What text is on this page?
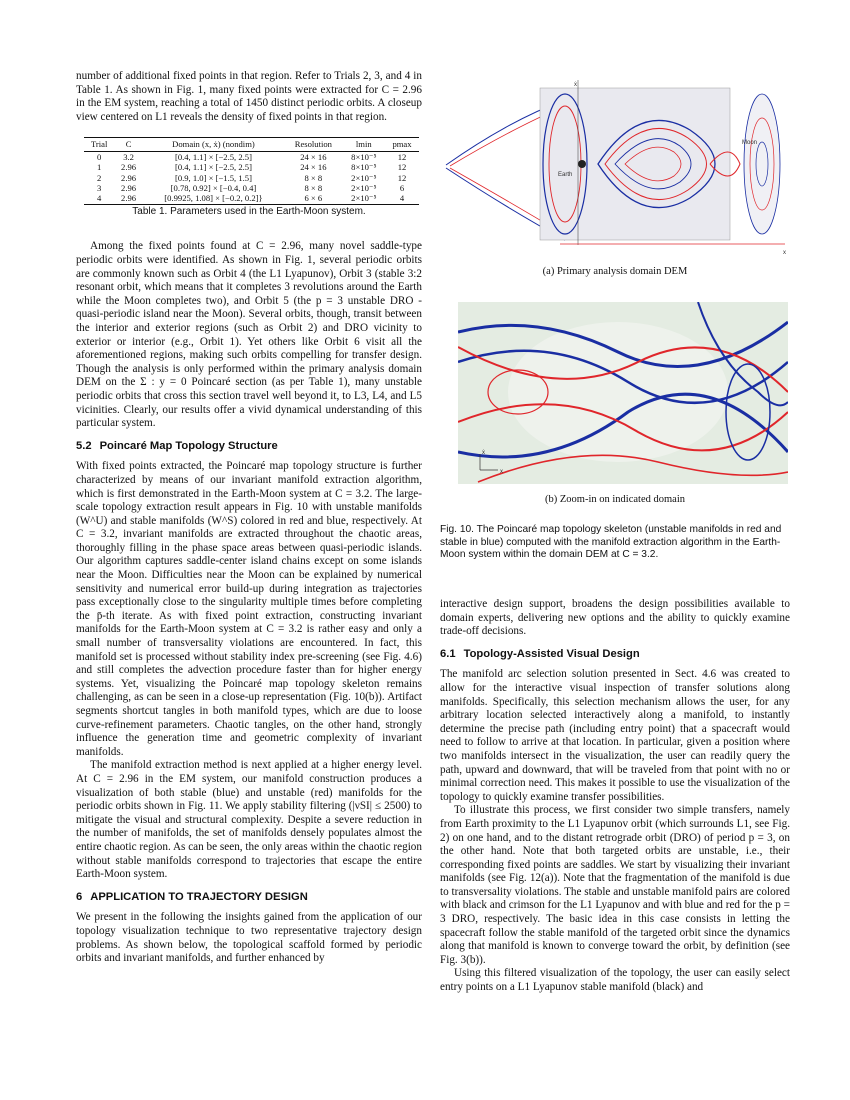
number of additional fixed points in that region. Refer to Trials 2, 3, and 4 in Table 1. As shown in Fig. 1, many fixed points were extracted for C = 2.96 in the EM system, reaching a total of 1450 distinct periodic orbits. A closeup view centered on L1 reveals the density of fixed points in that region.

Trial	C	Domain (x, ẋ) (nondim)	Resolution	lmin	pmax
0	3.2	[0.4, 1.1] × [−2.5, 2.5]	24 × 16	8×10⁻⁵	12
1	2.96	[0.4, 1.1] × [−2.5, 2.5]	24 × 16	8×10⁻⁵	12
2	2.96	[0.9, 1.0] × [−1.5, 1.5]	8 × 8	2×10⁻⁵	12
3	2.96	[0.78, 0.92] × [−0.4, 0.4]	8 × 8	2×10⁻⁵	6
4	2.96	[0.9925, 1.08] × [−0.2, 0.2]}	6 × 6	2×10⁻⁵	4
Table 1. Parameters used in the Earth-Moon system.

Among the fixed points found at C = 2.96, many novel saddle-type periodic orbits were identified. As shown in Fig. 1, several periodic orbits are commonly known such as Orbit 4 (the L1 Lyapunov), Orbit 3 (stable 3:2 resonant orbit, which means that it completes 3 revolutions around the Earth while the Moon completes two), and Orbit 5 (the p = 3 unstable DRO - quasi-periodic island near the Moon). Several orbits, though, transit between the interior and exterior regions (such as Orbit 2) and DRO vicinity to exterior or interior (e.g., Orbit 1). Yet others like Orbit 6 visit all the aforementioned regions, making such orbits compelling for transfer design. Though the analysis is only performed within the primary analysis domain DEM on the Σ : y = 0 Poincaré section (as per Table 1), many unstable periodic orbits that cross this section travel well beyond it, to L3, L4, and L5 vicinities. Clearly, our results offer a vivid dynamical understanding of this particular system.

5.2 Poincaré Map Topology Structure

With fixed points extracted, the Poincaré map topology structure is further characterized by means of our invariant manifold extraction algorithm, which is first demonstrated in the Earth-Moon system at C = 3.2. The large-scale topology extraction result appears in Fig. 10 with unstable manifolds (W^U) and stable manifolds (W^S) colored in red and blue, respectively. At C = 3.2, invariant manifolds are extracted throughout the chaotic areas, thoroughly filling in the phase space areas between quasi-periodic islands. Our algorithm captures saddle-center island chains except on some islands near the Moon. Difficulties near the Moon can be explained by numerical sensitivity and numerical error build-up during integration as trajectories pass exceptionally close to the singularity multiple times before completing the p̄-th iterate. As with fixed point extraction, constructing invariant manifolds for the Earth-Moon system at C = 3.2 is rather easy and only a small number of transversality violations are encountered. In fact, this manifold set is processed without stability index pre-screening (see Fig. 4.6) and still completes the advection procedure faster than for higher energy systems. Yet, visualizing the Poincaré map topology skeleton remains challenging, as can be seen in a close-up representation (Fig. 10(b)). Artifact segments shortcut tangles in both manifold types, which are due to loose curve-refinement parameters. Chaotic tangles, on the other hand, strongly influence the generation time and geometric complexity of invariant manifolds.

The manifold extraction method is next applied at a higher energy level. At C = 2.96 in the EM system, our manifold construction produces a visualization of both stable (blue) and unstable (red) manifolds for the periodic orbits shown in Fig. 11. We apply stability filtering (|νSI| ≤ 2500) to mitigate the visual and structural complexity. Despite a severe reduction in the number of manifolds, the set of manifolds densely populates almost the entire chaotic region. As can be seen, the only areas within the chaotic region without stable manifolds correspond to trajectories that escape the entire Earth-Moon system.

6 APPLICATION TO TRAJECTORY DESIGN

We present in the following the insights gained from the application of our topology visualization technique to two representative trajectory design problems. As shown below, the topological scaffold formed by periodic orbits and invariant manifolds, and further enhanced by

Earth
ẋ
x
Moon
(a) Primary analysis domain DEM
x
ẋ
(b) Zoom-in on indicated domain
Fig. 10. The Poincaré map topology skeleton (unstable manifolds in red and stable in blue) computed with the manifold extraction algorithm in the Earth-Moon system within the domain DEM at C = 3.2.

interactive design support, broadens the design possibilities available to domain experts, delivering new options and the ability to quickly examine trade-off decisions.

6.1 Topology-Assisted Visual Design

The manifold arc selection solution presented in Sect. 4.6 was created to allow for the interactive visual inspection of transfer solutions along manifolds. Specifically, this selection mechanism allows the user, for any arbitrary location selected interactively along a manifold, to instantly determine the precise path (including entry point) that a spacecraft would need to follow to arrive at that location. In particular, given a position where two manifolds intersect in the visualization, the user can readily query the path, upward and downward, that will be traveled from that point with no or minimal correction need. This makes it possible to use the visualization of the topology to quickly examine transfer possibilities.

To illustrate this process, we first consider two simple transfers, namely from Earth proximity to the L1 Lyapunov orbit (which surrounds L1, see Fig. 2) on one hand, and to the distant retrograde orbit (DRO) of period p = 3, on the other hand. Note that both targeted orbits are unstable, i.e., their corresponding fixed points are saddles. We start by visualizing their invariant manifolds (see Fig. 12(a)). Note that the fragmentation of the manifold is due to transversality violations. The stable and unstable manifold pairs are colored with black and crimson for the L1 Lyapunov and with blue and red for the p = 3 DRO, respectively. The basic idea in this case consists in letting the spacecraft follow the stable manifold of the targeted orbit since the dynamics along that manifold is known to converge toward the orbit, by definition (see Fig. 3(b)).

Using this filtered visualization of the topology, the user can easily select entry points on a L1 Lyapunov stable manifold (black) and
